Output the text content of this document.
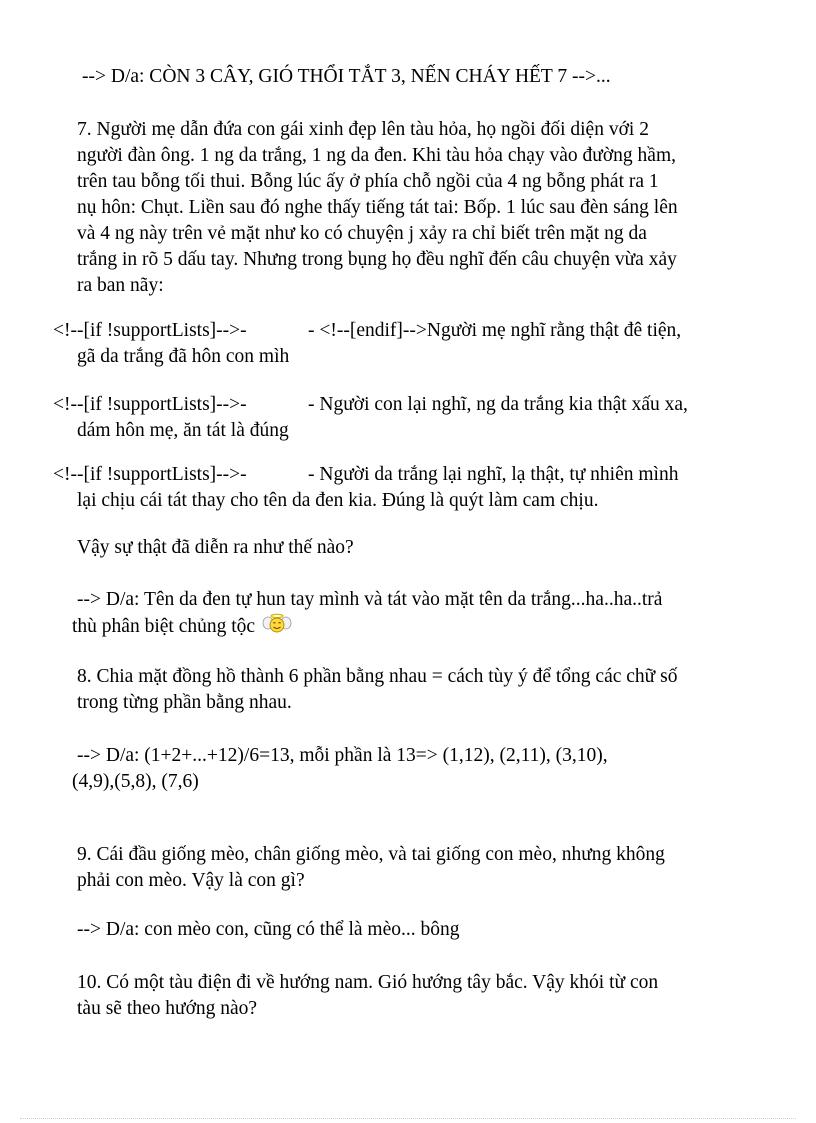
--> D/a: CÒN 3 CÂY, GIÓ THỔI TẮT 3, NẾN CHÁY HẾT 7 -->...
7. Người mẹ dẫn đứa con gái xinh đẹp lên tàu hỏa, họ ngồi đối diện với 2
người đàn ông. 1 ng da trắng, 1 ng da đen. Khi tàu hỏa chạy vào đường hầm,
trên tau bỗng tối thui. Bỗng lúc ấy ở phía chỗ ngồi của 4 ng bỗng phát ra 1
nụ hôn: Chụt. Liền sau đó nghe thấy tiếng tát tai: Bốp. 1 lúc sau đèn sáng lên
và 4 ng này trên vẻ mặt như ko có chuyện j xảy ra chỉ biết trên mặt ng da
trắng in rõ 5 dấu tay. Nhưng trong bụng họ đều nghĩ đến câu chuyện vừa xảy
ra ban nãy:
<!--[if !supportLists]-->-	- <!--[endif]-->Người mẹ nghĩ rằng thật đê tiện,
gã da trắng đã hôn con mìh
<!--[if !supportLists]-->-	- Người con lại nghĩ, ng da trắng kia thật xấu xa,
dám hôn mẹ, ăn tát là đúng
<!--[if !supportLists]-->-	- Người da trắng lại nghĩ, lạ thật, tự nhiên mình
lại chịu cái tát thay cho tên da đen kia. Đúng là quýt làm cam chịu.
Vậy sự thật đã diễn ra như thế nào?
--> D/a: Tên da đen tự hun tay mình và tát vào mặt tên da trắng...ha..ha..trả
thù phân biệt chủng tộc
8. Chia mặt đồng hồ thành 6 phần bằng nhau = cách tùy ý để tổng các chữ số
trong từng phần bằng nhau.
--> D/a: (1+2+...+12)/6=13, mỗi phần là 13=> (1,12), (2,11), (3,10),
(4,9),(5,8), (7,6)
9. Cái đầu giống mèo, chân giống mèo, và tai giống con mèo, nhưng không
phải con mèo. Vậy là con gì?
--> D/a: con mèo con, cũng có thể là mèo... bông
10. Có một tàu điện đi về hướng nam. Gió hướng tây bắc. Vậy khói từ con
tàu sẽ theo hướng nào?
